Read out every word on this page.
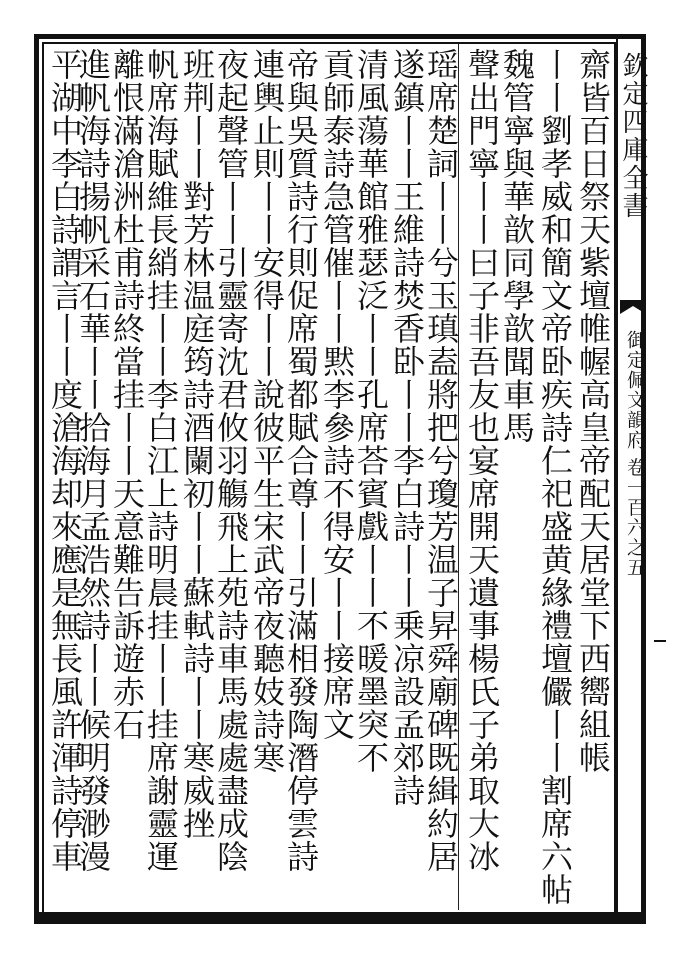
欽定四庫全書
御定佩文韻府 卷一百六之五
齋皆百日祭天紫壇帷幄高皇帝配天居堂下西嚮組帳
丨丨劉孝威和簡文帝卧疾詩仁祀盛黄緣禮壇儼丨丨割席六帖
魏管寧與華歆同學歆聞車馬
聲出門寧丨丨曰子非吾友也宴席開天遺事楊氏子弟取大冰
瑶席楚詞丨丨兮玉瑱盍將把兮瓊芳温子昇舜廟碑既緝約居
遂鎮丨丨王維詩焚香卧丨丨李白詩丨丨乗凉設孟郊詩
清風蕩華館雅瑟泛丨丨孔席荅賓戲丨丨不暖墨突不
貢師泰詩急管催丨丨黙李參詩不得安丨丨接席文
帝與吳質詩行則促席蜀都賦合尊丨丨引滿相發陶潛停雲詩
連輿止則丨丨安得丨丨說彼平生宋武帝夜聽妓詩寒
夜起聲管丨丨引靈寄沈君攸羽觴飛上苑詩車馬處處盡成陰
班荆丨丨對芳林温庭筠詩酒闌初丨丨蘇軾詩丨丨寒威挫
帆席海賦維長綃挂丨丨李白江上詩明晨挂丨丨挂席謝靈運
離恨滿滄洲杜甫詩終當挂丨丨天意難告訴遊赤石
進帆海詩揚帆采石華丨丨拾海月孟浩然詩丨丨候明發渺漫
平湖中李白詩謂言丨丨度滄海却來應是無長風許渾詩停車
